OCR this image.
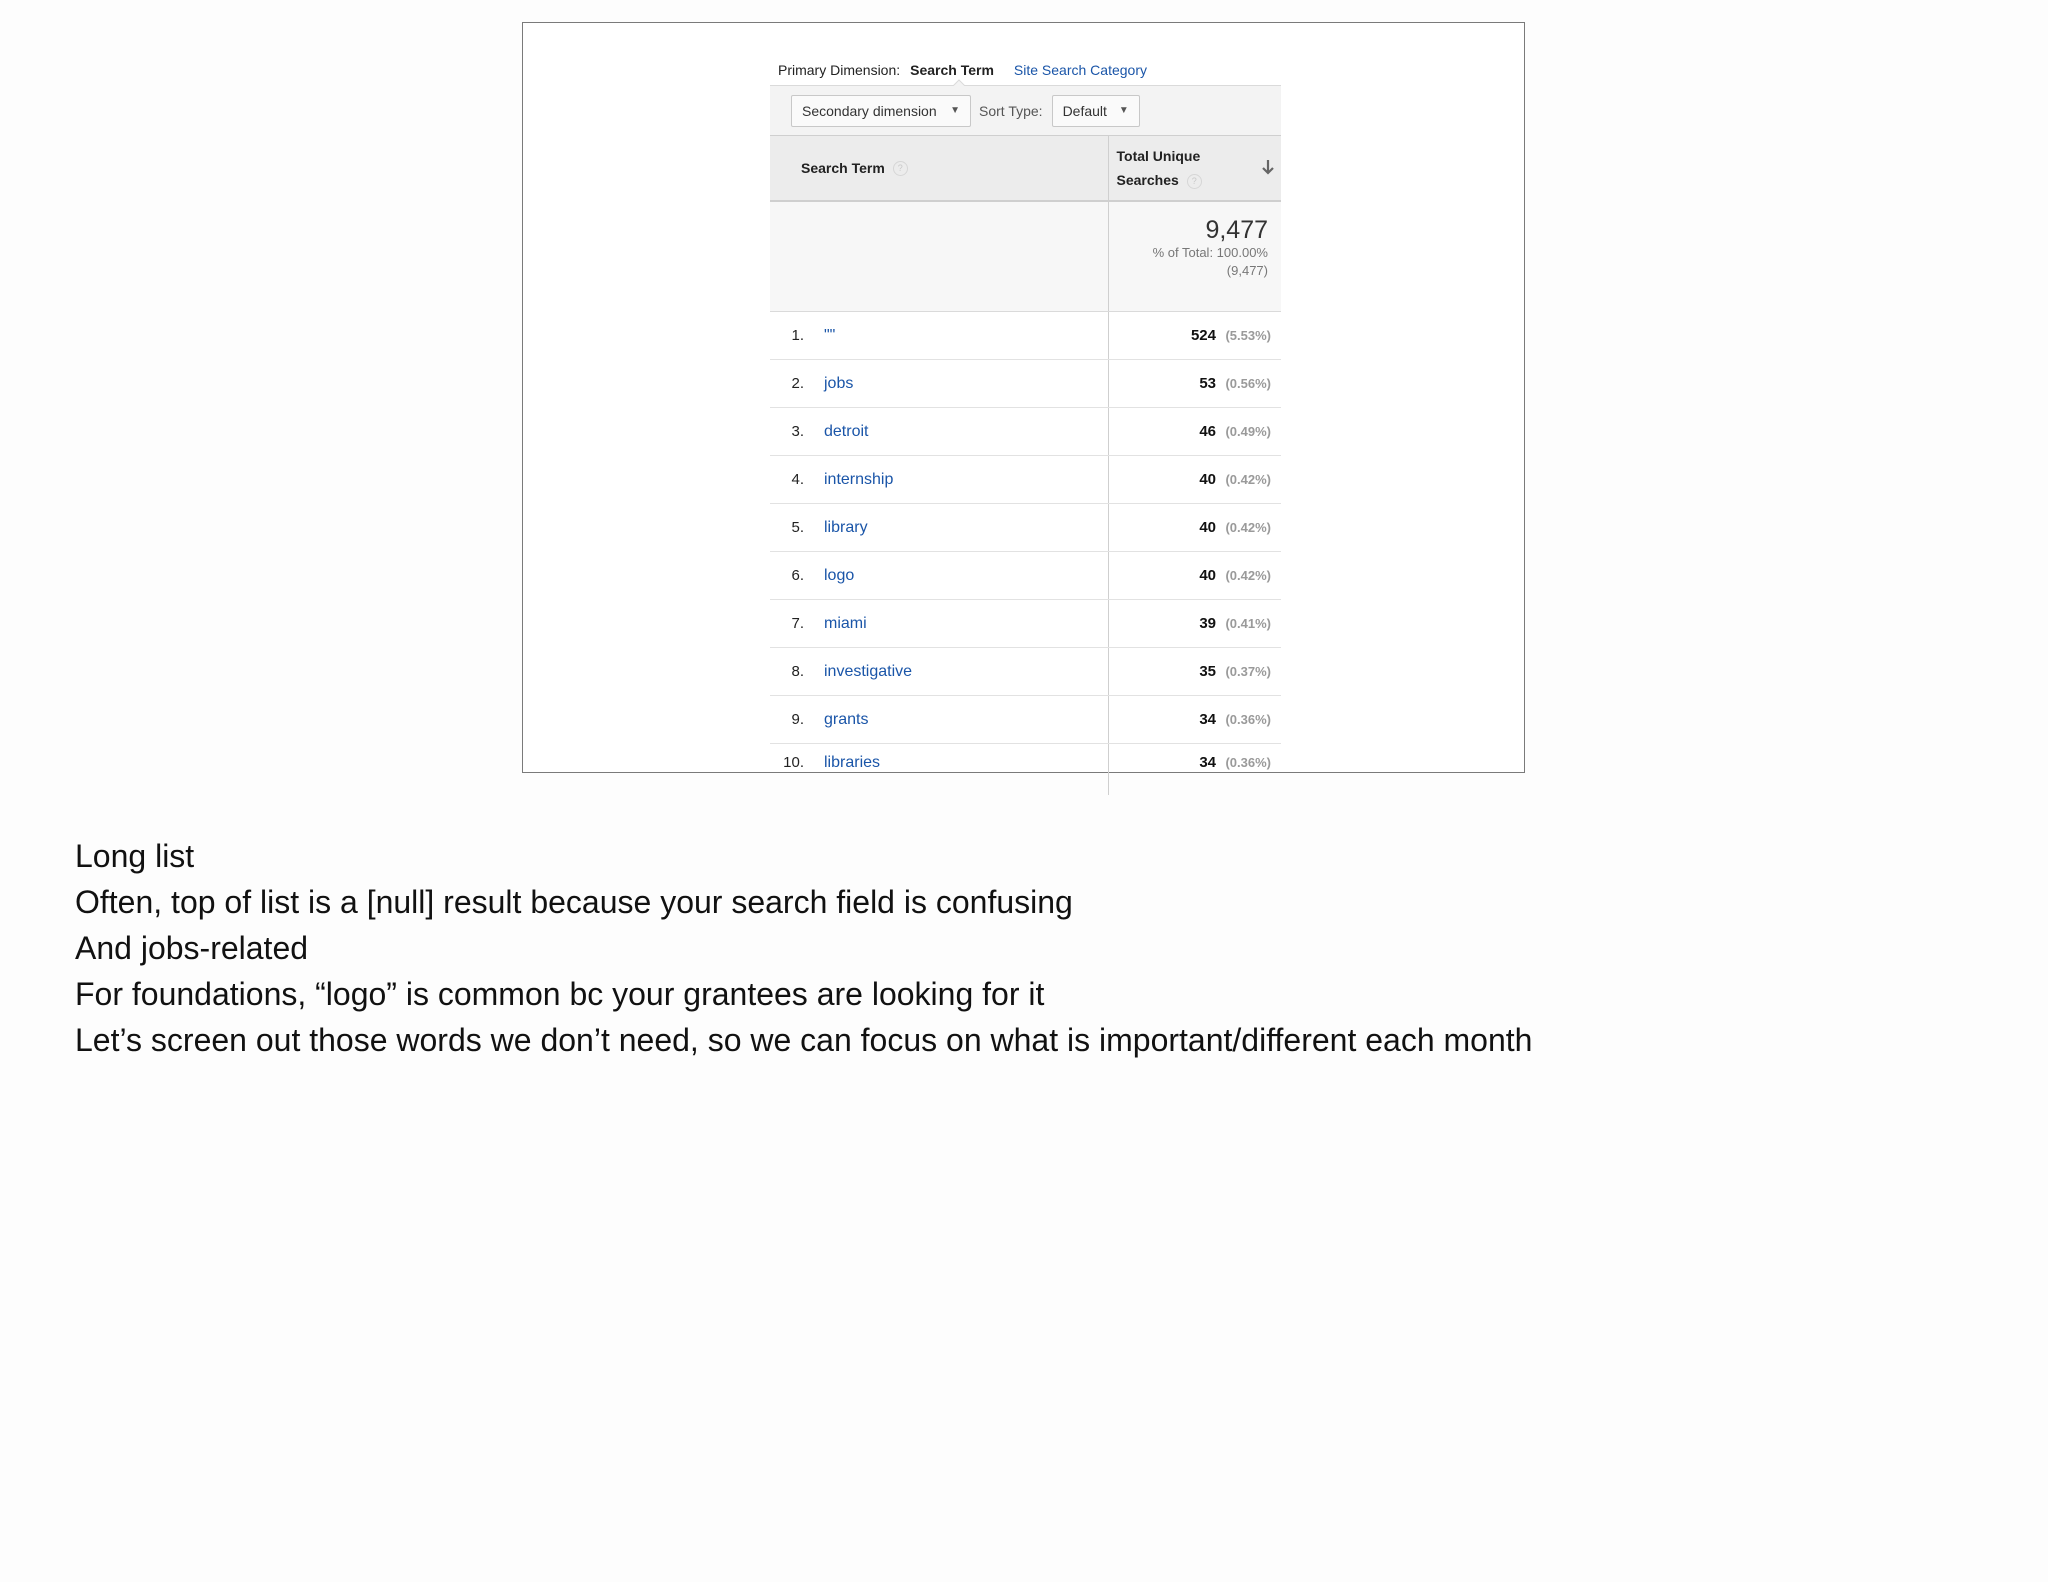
Primary Dimension: Search Term Site Search Category
Secondary dimension ▼ Sort Type: Default ▼
Search Term ?	Total Unique
Searches ?

	9,477
% of Total: 100.00%
(9,477)

1. ""	524 (5.53%)
2. jobs	53 (0.56%)
3. detroit	46 (0.49%)
4. internship	40 (0.42%)
5. library	40 (0.42%)
6. logo	40 (0.42%)
7. miami	39 (0.41%)
8. investigative	35 (0.37%)
9. grants	34 (0.36%)
10. libraries	34 (0.36%)
Long list
Often, top of list is a [null] result because your search field is confusing
And jobs-related
For foundations, “logo” is common bc your grantees are looking for it
Let’s screen out those words we don’t need, so we can focus on what is important/different each month
